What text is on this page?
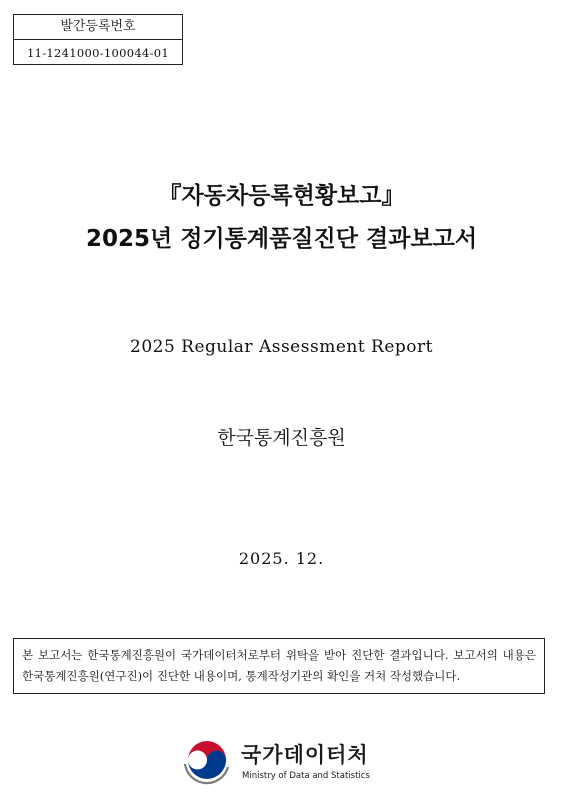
발간등록번호
11-1241000-100044-01
『자동차등록현황보고』
2025년 정기통계품질진단 결과보고서
2025 Regular Assessment Report
한국통계진흥원
2025. 12.
본 보고서는 한국통계진흥원이 국가데이터처로부터 위탁을 받아 진단한 결과입니다. 보고서의 내용은 한국통계진흥원(연구진)이 진단한 내용이며, 통계작성기관의 확인을 거쳐 작성했습니다.
국가데이터처
Ministry of Data and Statistics
